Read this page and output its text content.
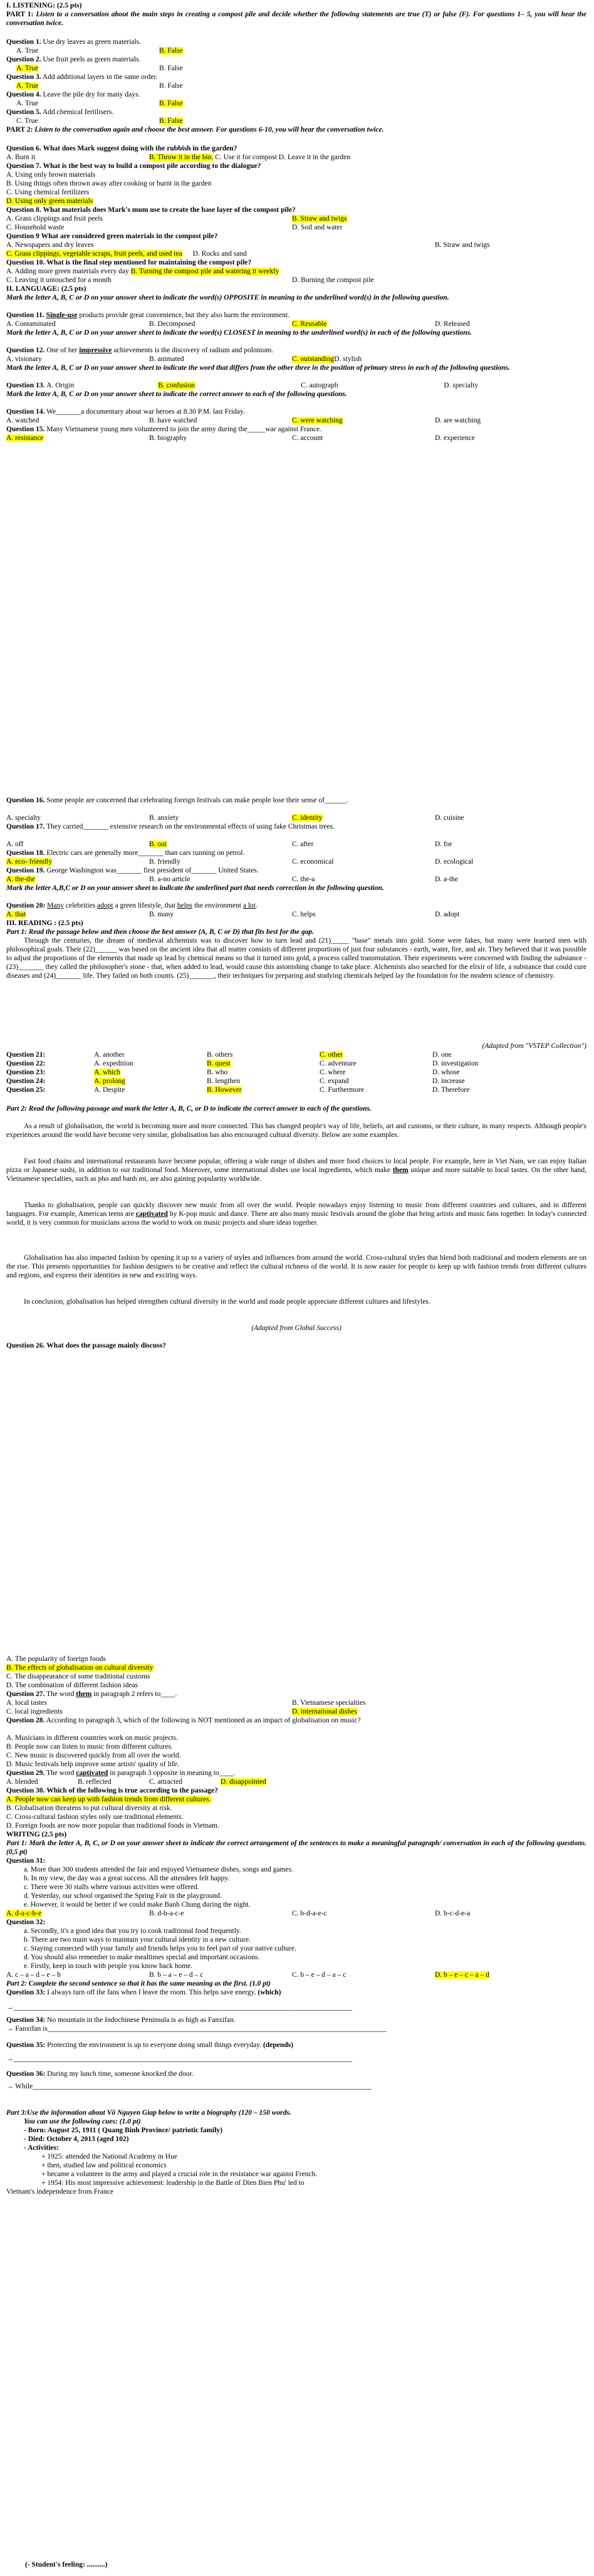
I. LISTENING: (2.5 pts)
PART 1: Listen to a conversation about the main steps in creating a compost pile and decide whether the following statements are true (T) or false (F). For questions 1– 5, you will hear the conversation twice.
Question 1. Use dry leaves as green materials.
A. True	B. False
Question 2. Use fruit peels as green materials.
A. True	B. False
Question 3. Add additional layers in the same order.
A. True	B. False
Question 4. Leave the pile dry for many days.
A. True	B. False
Question 5. Add chemical fertilisers.
C. True	B. False
PART 2: Listen to the conversation again and choose the best answer. For questions 6-10, you will hear the conversation twice.
Question 6. What does Mark suggest doing with the rubbish in the garden?
A. Burn it	B. Throw it in the bin. C. Use it for compost D. Leave it in the garden
Question 7. What is the best way to build a compost pile according to the dialogue?
A. Using only brown materials
B. Using things often thrown away after cooking or burnt in the garden
C. Using chemical fertilizers
D. Using only green materials
Question 8. What materials does Mark's mum use to create the base layer of the compost pile?
A. Grass clippings and fruit peels	B. Straw and twigs
C. Household waste	D. Soil and water
Question 9 What are considered green materials in the compost pile?
A. Newspapers and dry leaves	B. Straw and twigs
C. Grass clippings, vegetable scraps, fruit peels, and used tea D. Rocks and sand
Question 10. What is the final step mentioned for maintaining the compost pile?
A. Adding more green materials every day B. Turning the compost pile and watering it weekly
C. Leaving it untouched for a month	D. Burning the compost pile
II. LANGUAGE: (2.5 pts)
Mark the letter A, B, C or D on your answer sheet to indicate the word(s) OPPOSITE in meaning to the underlined word(s) in the following question.
Question 11. Single-use products provide great convenience, but they also harm the environment.
A. Contaminated	B. Decomposed	C. Reusable	D. Released
Mark the letter A, B, C or D on your answer sheet to indicate the word(s) CLOSEST in meaning to the underlined word(s) in each of the following questions.
Question 12. One of her impressive achievements is the discovery of radium and polonium.
A. visionary	B. animated	C. outstandingD. stylish
Mark the letter A, B, C or D on your answer sheet to indicate the word that differs from the other three in the position of primary stress in each of the following questions.
Question 13. A. Origin	B. confusion	C. autograph	D. specialty
Mark the letter A, B, C or D on your answer sheet to indicate the correct answer to each of the following questions.
Question 14. We_______a documentary about war heroes at 8.30 P.M. last Friday.
A. watched	B. have watched	C. were watching	D. are watching
Question 15. Many Vietnamese young men volunteered to join the army during the_____war against France.
A. resistance	B. biography	C. account	D. experience
Question 16. Some people are concerned that celebrating foreign festivals can make people lose their sense of______.
A. specialty	B. anxiety	C. identity	D. cuisine
Question 17. They carried_______ extensive research on the environmental effects of using fake Christmas trees.
A. off	B. out	C. after	D. for
Question 18. Electric cars are generally more_______ than cars running on petrol.
A. eco- friendly	B. friendly	C. economical	D. ecological
Question 19. George Washington was_______ first president of_______ United States.
A. the-the	B. a-no article	C. the-a	D. a-the
Mark the letter A,B,C or D on your answer sheet to indicate the underlined part that needs correction in the following question.
Question 20: Many celebrities adopt a green lifestyle, that helps the environment a lot.
A. that	B. many	C. helps	D. adopt
III. READING : (2.5 pts)
Part 1: Read the passage below and then choose the best answer (A, B, C or D) that fits best for the gap.
Through the centuries, the dream of medieval alchemists was to discover how to turn lead and (21)_____ "base" metals into gold. Some were fakes, but many were learned men with philosophical goals. Their (22)______ was based on the ancient idea that all matter consists of different proportions of just four substances - earth, water, fire, and air. They believed that it was possible to adjust the proportions of the elements that made up lead by chemical means so that it turned into gold, a process called transmutation. Their experiments were concerned with finding the substance - (23)_______ they called the philosopher's stone - that, when added to lead, would cause this astonishing change to take place. Alchemists also searched for the elixir of life, a substance that could cure diseases and (24)_______ life. They failed on both counts. (25)_______, their techniques for preparing and studying chemicals helped lay the foundation for the modern science of chemistry.
(Adapted from "VSTEP Collection")
Question 21:	A. another	B. others	C. other	D. one
Question 22:	A. expedition	B. quest	C. adventure	D. investigation
Question 23:	A. which	B. who	C. where	D. whose
Question 24:	A. prolong	B. lengthen	C. expand	D. increase
Question 25:	A. Despite	B. However	C. Furthermore	D. Therefore
Part 2: Read the following passage and mark the letter A, B, C, or D to indicate the correct answer to each of the questions.
As a result of globalisation, the world is becoming more and more connected. This has changed people's way of life, beliefs, art and customs, or their culture, in many respects. Although people's experiences around the world have become very similar, globalisation has also encouraged cultural diversity. Below are some examples.
Fast food chains and international restaurants have become popular, offering a wide range of dishes and more food choices to local people. For example, here in Viet Nam, we can enjoy Italian pizza or Japanese sushi, in addition to our traditional food. Moreover, some international dishes use local ingredients, which make them unique and more suitable to local tastes. On the other hand, Vietnamese specialties, such as pho and banh mi, are also gaining popularity worldwide.
Thanks to globalisation, people can quickly discover new music from all over the world. People nowadays enjoy listening to music from different countries and cultures, and in different languages. For example, American teens are captivated by K-pop music and dance. There are also many music festivals around the globe that bring artists and music fans together. In today's connected world, it is very common for musicians across the world to work on music projects and share ideas together.
Globalisation has also impacted fashion by opening it up to a variety of styles and influences from around the world. Cross-cultural styles that blend both traditional and modern elements are on the rise. This presents opportunities for fashion designers to be creative and reflect the cultural richness of the world. It is now easier for people to keep up with fashion trends from different cultures and regions, and express their identities in new and exciting ways.
In conclusion, globalisation has helped strengthen cultural diversity in the world and made people appreciate different cultures and lifestyles.
(Adapted from Global Success)
Question 26. What does the passage mainly discuss?
A. The popularity of foreign foods
B. The effects of globalisation on cultural diversity
C. The disappearance of some traditional customs
D. The combination of different fashion ideas
Question 27. The word them in paragraph 2 refers to____.
A. local tastes	B. Vietnamese specialties
C. local ingredients	D. international dishes
Question 28. According to paragraph 3, which of the following is NOT mentioned as an impact of globalisation on music?
A. Musicians in different countries work on music projects.
B. People now can listen to music from different cultures.
C. New music is discovered quickly from all over the world.
D. Music festivals help improve some artists' quality of life.
Question 29. The word captivated in paragraph 3 opposite in meaning to____.
A. blended	B. reflected	C. attracted	D. disappointed
Question 30. Which of the following is true according to the passage?
A. People now can keep up with fashion trends from different cultures.
B. Globalisation threatens to put cultural diversity at risk.
C. Cross-cultural fashion styles only use traditional elements.
D. Foreign foods are now more popular than traditional foods in Vietnam.
WRITING (2.5 pts)
Part 1: Mark the letter A, B, C, or D on your answer sheet to indicate the correct arrangement of the sentences to make a meaningful paragraph/ conversation in each of the following questions. (0,5 pt)
Question 31:
a. More than 300 students attended the fair and enjoyed Vietnamese dishes, songs and games.
b. In my view, the day was a great success. All the attendees felt happy.
c. There were 30 stalls where various activities were offered.
d. Yesterday, our school organised the Spring Fair in the playground.
e. However, it would be better if we could make Banh Chung during the night.
A. d-a-c-b-e	B. d-b-a-c-e	C. b-d-a-e-c	D. b-c-d-e-a
Question 32:
a. Secondly, it's a good idea that you try to cook traditional food frequently.
b. There are two main ways to maintain your cultural identity in a new culture.
c. Staying connected with your family and friends helps you to feel part of your native culture.
d. You should also remember to make mealtimes special and important occasions.
e. Firstly, keep in touch with people you know back home.
A. c – a – d – e – b	B. b – a – e – d – c	C. b – e – d – a – c	D. b – e – c – a – d
Part 2: Complete the second sentence so that it has the same meaning as the first. (1.0 pt)
Question 33: I always turn off the fans when I leave the room. This helps save energy. (which)
→______________________________________________________________________________________________
Question 34: No mountain in the Indochinese Peninsula is as high as Fanxifan.
→ Fanxifan is______________________________________________________________________________________________
Question 35: Protecting the environment is up to everyone doing small things everyday. (depends)
→______________________________________________________________________________________________
Question 36: During my lunch time, someone knocked the door.
→ While______________________________________________________________________________________________
Part 3:Use the information about Võ Nguyen Giap below to write a biography (120 – 150 words.
You can use the following cues: (1.0 pt)
- Born: August 25, 1911 ( Quang Binh Province/ patriotic family)
- Died: October 4, 2013 (aged 102)
- Activities:
+ 1925: attended the National Academy in Hue
+ then, studied law and political economics
+ became a volunteer in the army and played a crucial role in the resistance war against French.
+ 1954: His most impressive achievement: leadership in the Battle of Dien Bien Phu' led to
Vietnam's independence from France
(- Student's feeling: ..........)
